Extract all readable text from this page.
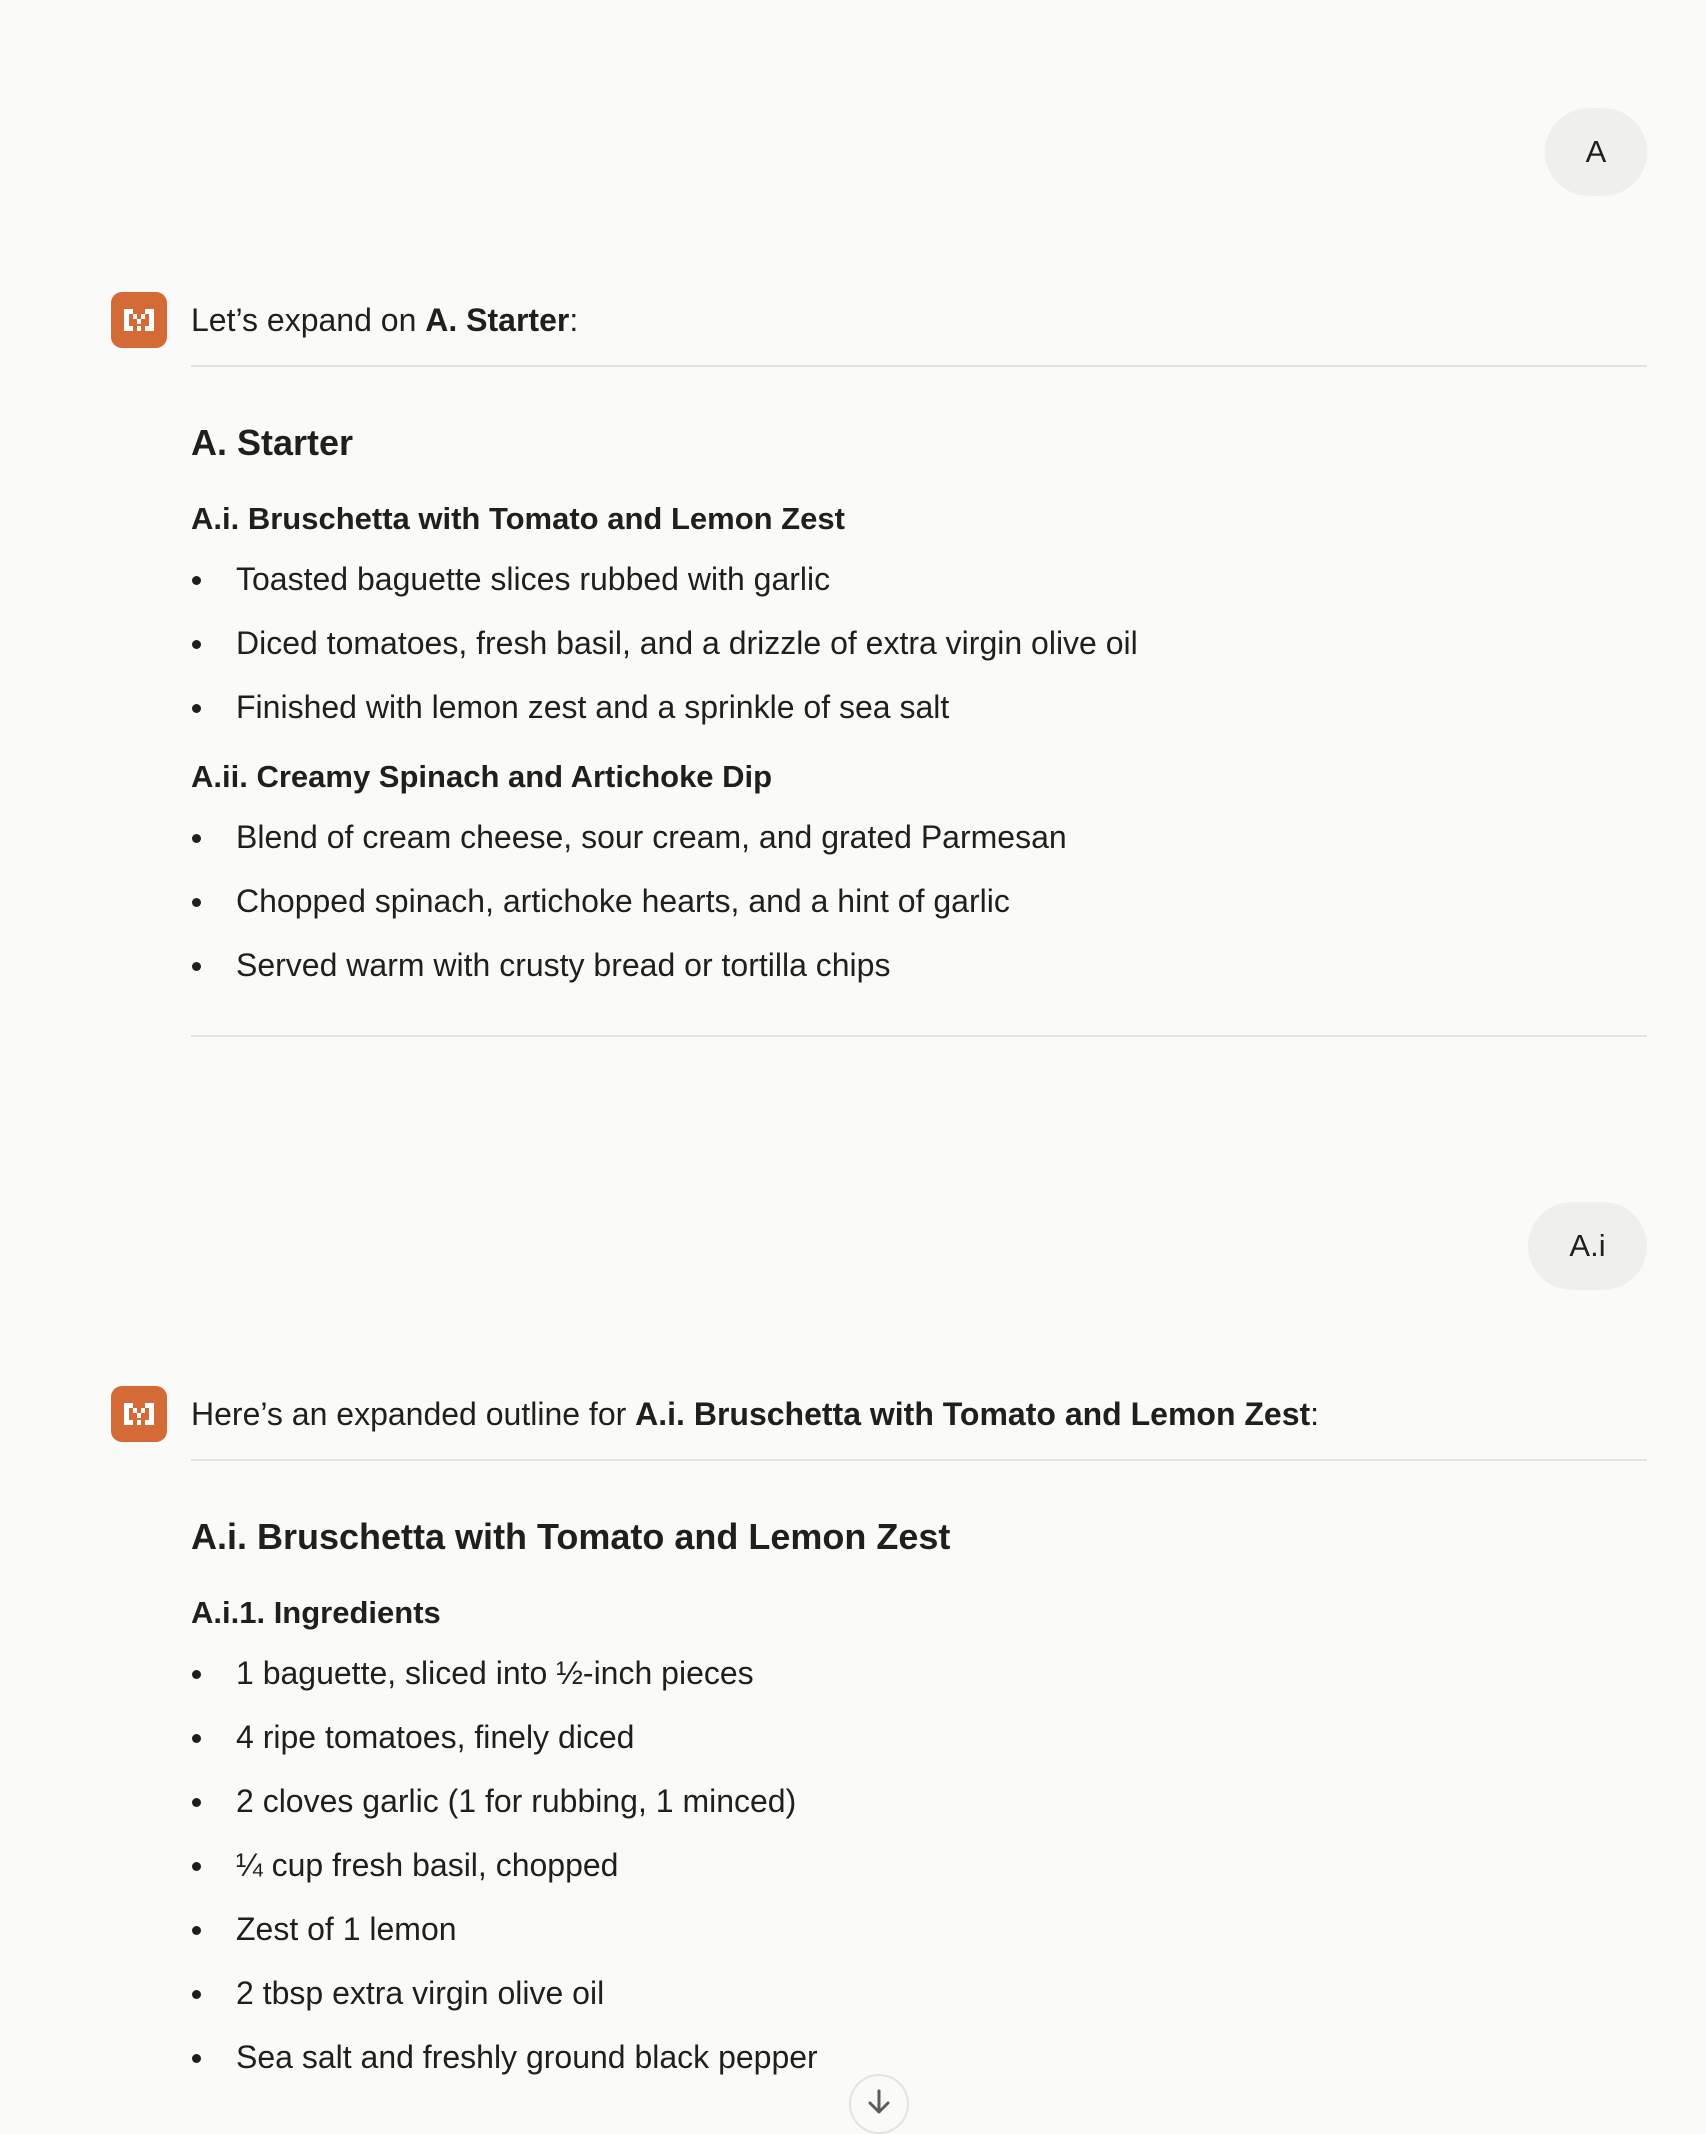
A
Let’s expand on A. Starter:
A. Starter
A.i. Bruschetta with Tomato and Lemon Zest
Toasted baguette slices rubbed with garlic
Diced tomatoes, fresh basil, and a drizzle of extra virgin olive oil
Finished with lemon zest and a sprinkle of sea salt
A.ii. Creamy Spinach and Artichoke Dip
Blend of cream cheese, sour cream, and grated Parmesan
Chopped spinach, artichoke hearts, and a hint of garlic
Served warm with crusty bread or tortilla chips
A.i
Here’s an expanded outline for A.i. Bruschetta with Tomato and Lemon Zest:
A.i. Bruschetta with Tomato and Lemon Zest
A.i.1. Ingredients
1 baguette, sliced into ½-inch pieces
4 ripe tomatoes, finely diced
2 cloves garlic (1 for rubbing, 1 minced)
¼ cup fresh basil, chopped
Zest of 1 lemon
2 tbsp extra virgin olive oil
Sea salt and freshly ground black pepper
